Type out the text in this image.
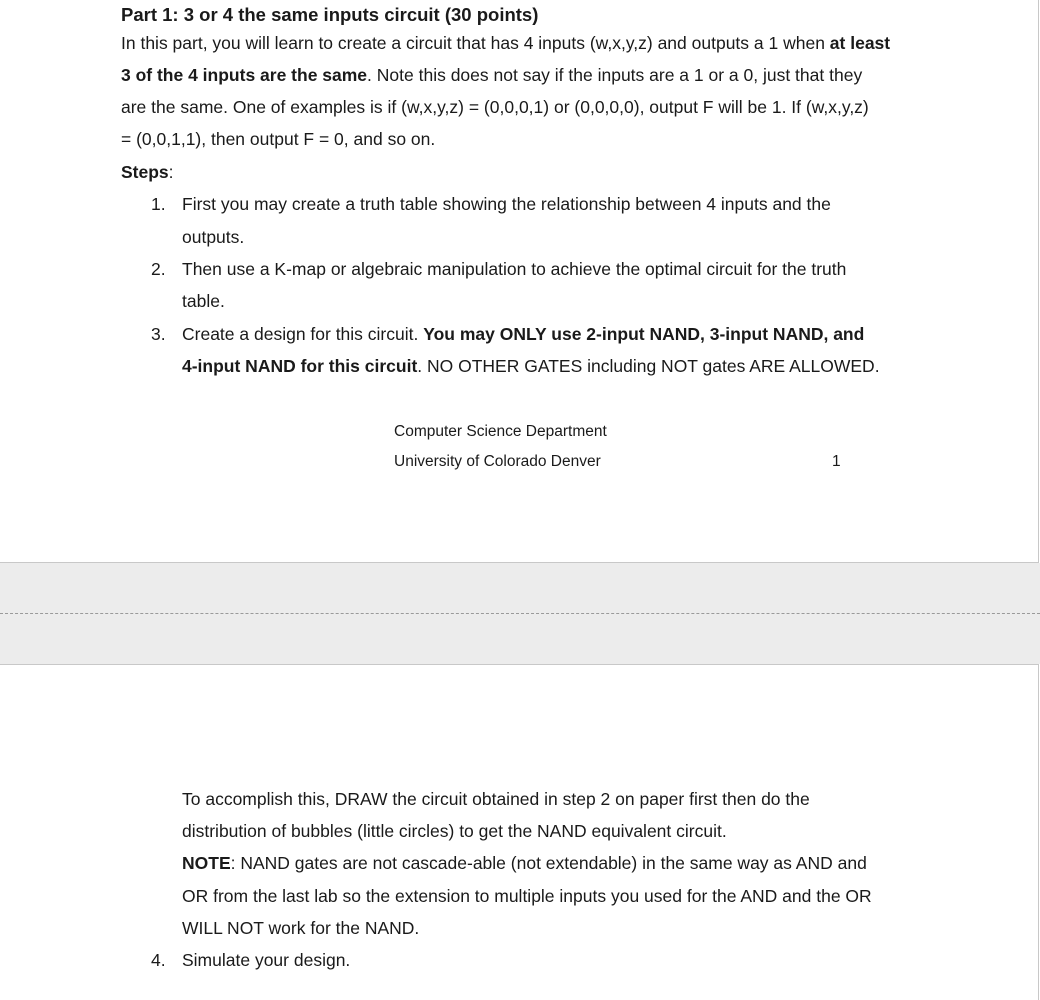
Part 1: 3 or 4 the same inputs circuit (30 points)
In this part, you will learn to create a circuit that has 4 inputs (w,x,y,z) and outputs a 1 when at least
3 of the 4 inputs are the same. Note this does not say if the inputs are a 1 or a 0, just that they
are the same. One of examples is if (w,x,y,z) = (0,0,0,1) or (0,0,0,0), output F will be 1. If (w,x,y,z)
= (0,0,1,1), then output F = 0, and so on.
Steps:
1. First you may create a truth table showing the relationship between 4 inputs and the
outputs.
2. Then use a K-map or algebraic manipulation to achieve the optimal circuit for the truth
table.
3. Create a design for this circuit. You may ONLY use 2-input NAND, 3-input NAND, and
4-input NAND for this circuit. NO OTHER GATES including NOT gates ARE ALLOWED.
Computer Science Department
University of Colorado Denver	1
To accomplish this, DRAW the circuit obtained in step 2 on paper first then do the
distribution of bubbles (little circles) to get the NAND equivalent circuit.
NOTE: NAND gates are not cascade-able (not extendable) in the same way as AND and
OR from the last lab so the extension to multiple inputs you used for the AND and the OR
WILL NOT work for the NAND.
4. Simulate your design.
